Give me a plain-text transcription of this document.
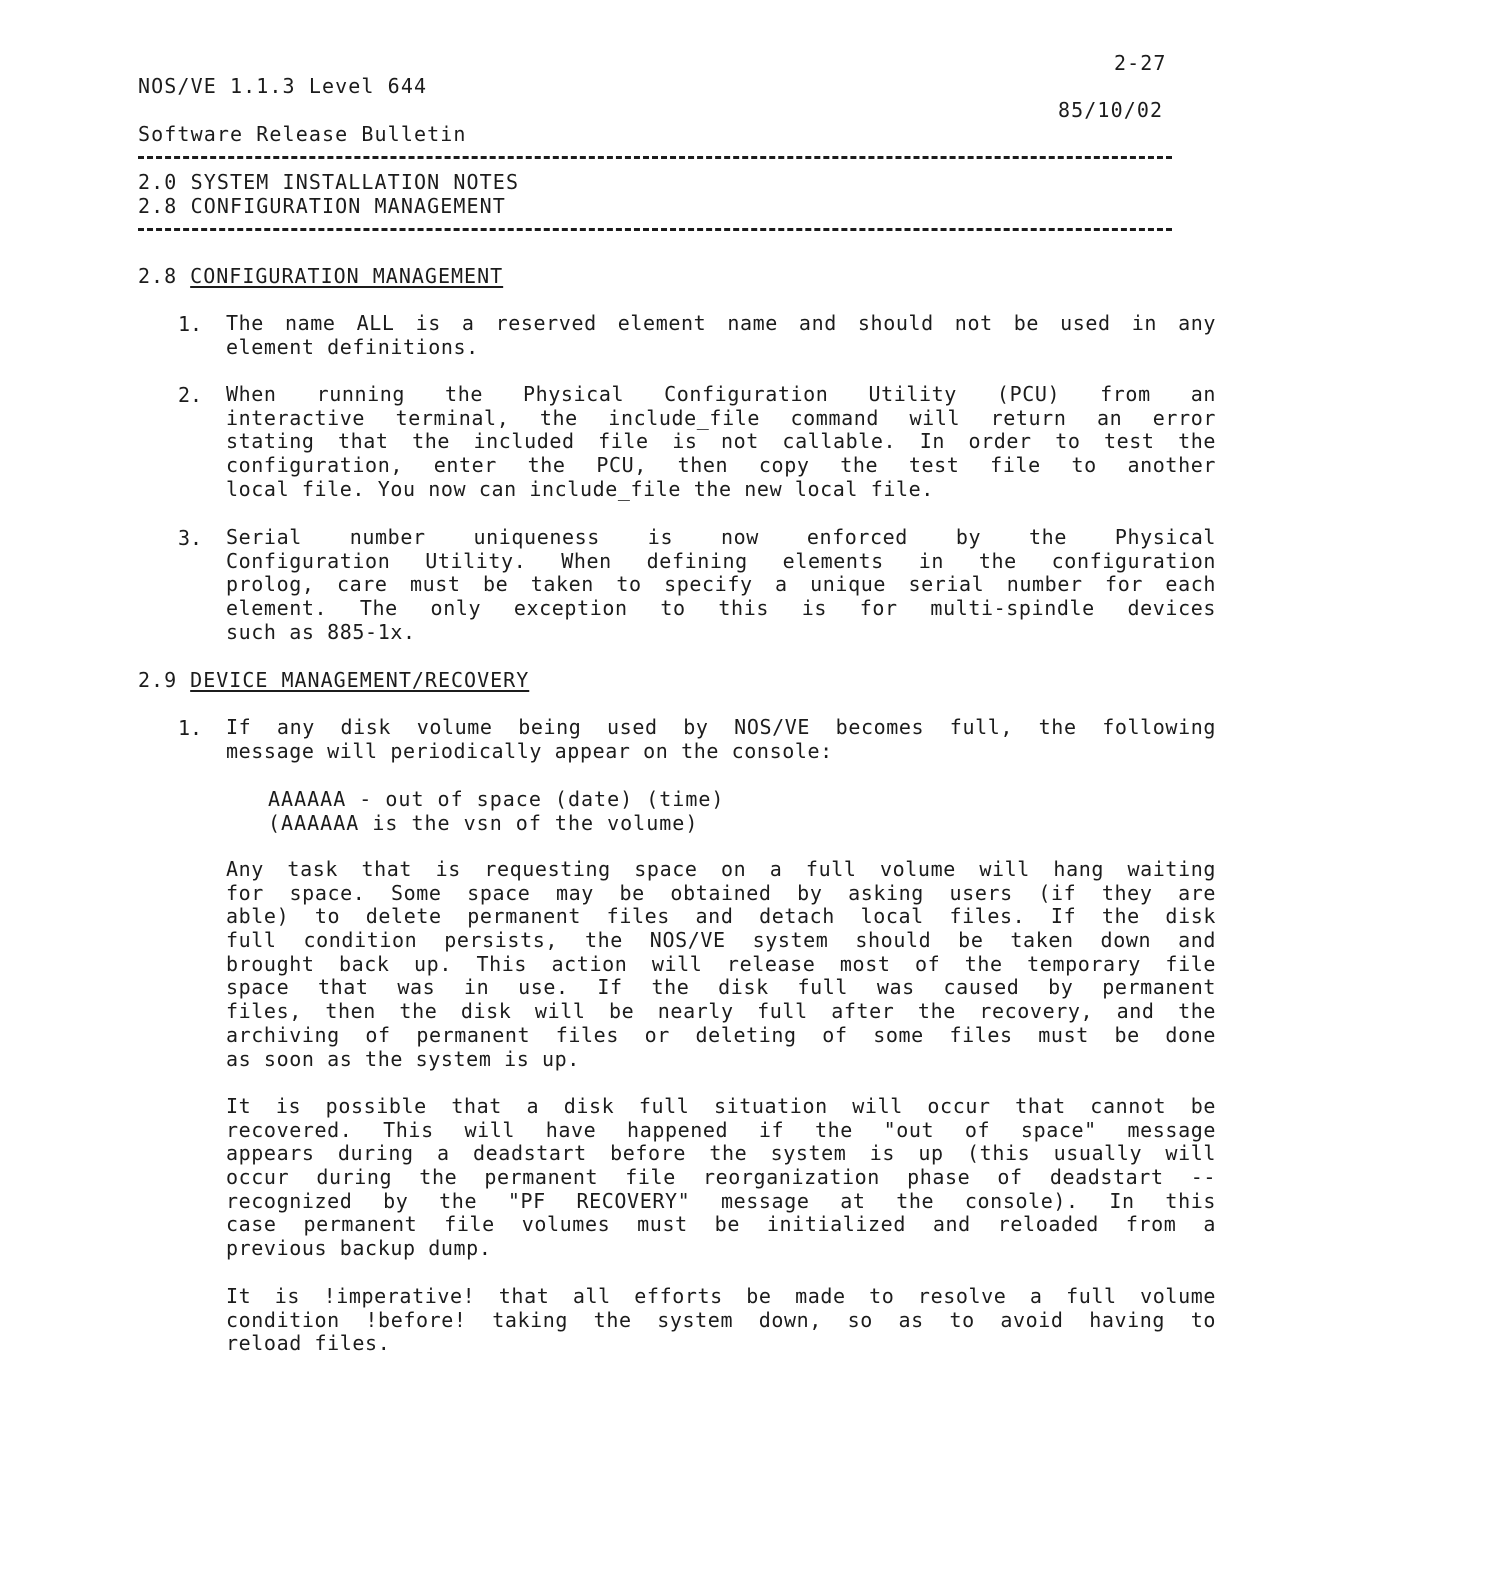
2-27
NOS/VE 1.1.3 Level 644
85/10/02
Software Release Bulletin
2.0 SYSTEM INSTALLATION NOTES
2.8 CONFIGURATION MANAGEMENT
2.8 CONFIGURATION MANAGEMENT
1. The name ALL is a reserved element name and should not be used in any
element definitions.
2. When running the Physical Configuration Utility (PCU) from an
interactive terminal, the include_file command will return an error
stating that the included file is not callable. In order to test the
configuration, enter the PCU, then copy the test file to another
local file. You now can include_file the new local file.
3. Serial number uniqueness is now enforced by the Physical
Configuration Utility. When defining elements in the configuration
prolog, care must be taken to specify a unique serial number for each
element. The only exception to this is for multi-spindle devices
such as 885-1x.
2.9 DEVICE MANAGEMENT/RECOVERY
1. If any disk volume being used by NOS/VE becomes full, the following
message will periodically appear on the console:
AAAAAA - out of space (date) (time)
(AAAAAA is the vsn of the volume)
Any task that is requesting space on a full volume will hang waiting
for space. Some space may be obtained by asking users (if they are
able) to delete permanent files and detach local files. If the disk
full condition persists, the NOS/VE system should be taken down and
brought back up. This action will release most of the temporary file
space that was in use. If the disk full was caused by permanent
files, then the disk will be nearly full after the recovery, and the
archiving of permanent files or deleting of some files must be done
as soon as the system is up.
It is possible that a disk full situation will occur that cannot be
recovered. This will have happened if the "out of space" message
appears during a deadstart before the system is up (this usually will
occur during the permanent file reorganization phase of deadstart --
recognized by the "PF RECOVERY" message at the console). In this
case permanent file volumes must be initialized and reloaded from a
previous backup dump.
It is !imperative! that all efforts be made to resolve a full volume
condition !before! taking the system down, so as to avoid having to
reload files.
